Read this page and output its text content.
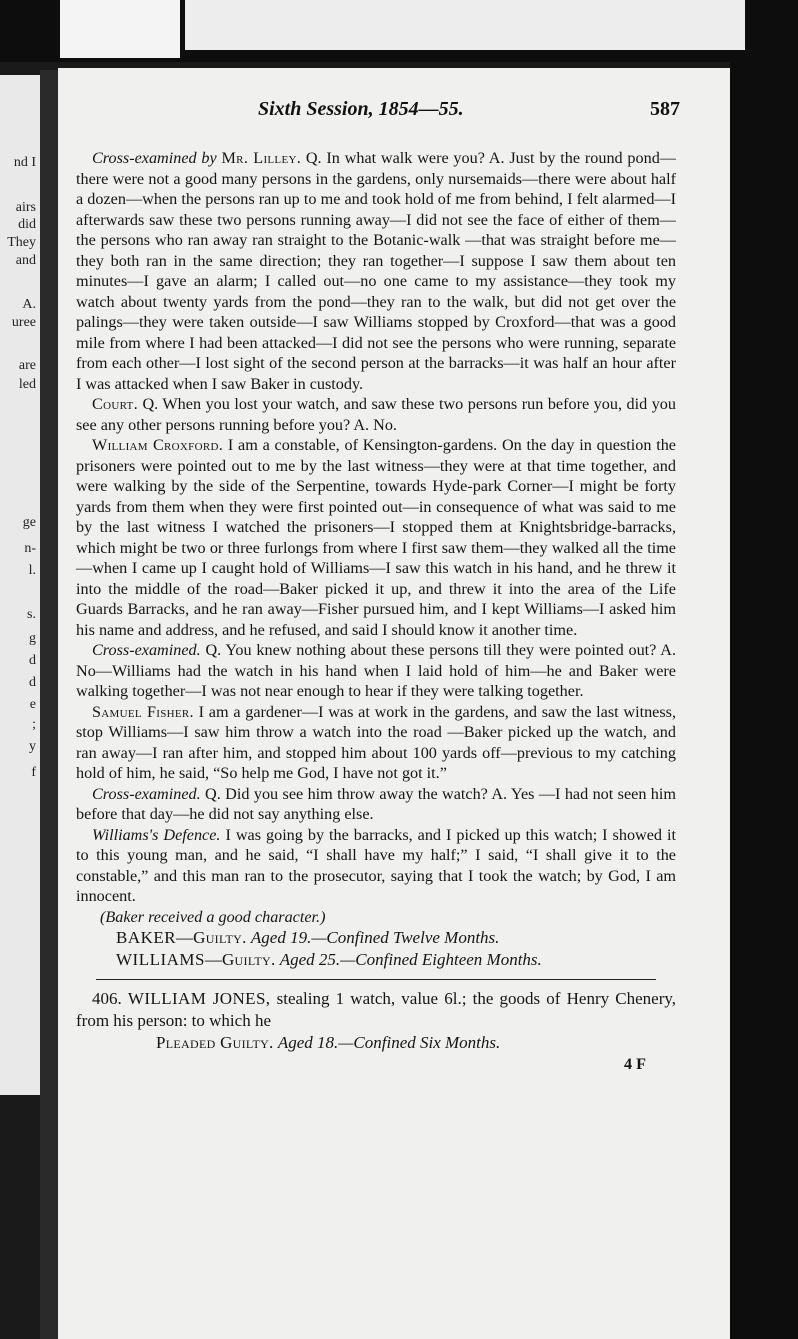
nd I
airs
did
They
and
A.
uree
are
led
ge
n-
l.
s.
g
d
d
e
;
y
f
Sixth Session, 1854—55.	587

Cross-examined by Mr. Lilley. Q. In what walk were you? A. Just by the round pond—there were not a good many persons in the gardens, only nursemaids—there were about half a dozen—when the persons ran up to me and took hold of me from behind, I felt alarmed—I afterwards saw these two persons running away—I did not see the face of either of them—the persons who ran away ran straight to the Botanic-walk —that was straight before me—they both ran in the same direction; they ran together—I suppose I saw them about ten minutes—I gave an alarm; I called out—no one came to my assistance—they took my watch about twenty yards from the pond—they ran to the walk, but did not get over the palings—they were taken outside—I saw Williams stopped by Croxford—that was a good mile from where I had been attacked—I did not see the persons who were running, separate from each other—I lost sight of the second person at the barracks—it was half an hour after I was attacked when I saw Baker in custody.

Court. Q. When you lost your watch, and saw these two persons run before you, did you see any other persons running before you? A. No.

William Croxford. I am a constable, of Kensington-gardens. On the day in question the prisoners were pointed out to me by the last witness—they were at that time together, and were walking by the side of the Serpentine, towards Hyde-park Corner—I might be forty yards from them when they were first pointed out—in consequence of what was said to me by the last witness I watched the prisoners—I stopped them at Knightsbridge-barracks, which might be two or three furlongs from where I first saw them—they walked all the time—when I came up I caught hold of Williams—I saw this watch in his hand, and he threw it into the middle of the road—Baker picked it up, and threw it into the area of the Life Guards Barracks, and he ran away—Fisher pursued him, and I kept Williams—I asked him his name and address, and he refused, and said I should know it another time.

Cross-examined. Q. You knew nothing about these persons till they were pointed out? A. No—Williams had the watch in his hand when I laid hold of him—he and Baker were walking together—I was not near enough to hear if they were talking together.

Samuel Fisher. I am a gardener—I was at work in the gardens, and saw the last witness, stop Williams—I saw him throw a watch into the road —Baker picked up the watch, and ran away—I ran after him, and stopped him about 100 yards off—previous to my catching hold of him, he said, “So help me God, I have not got it.”

Cross-examined. Q. Did you see him throw away the watch? A. Yes —I had not seen him before that day—he did not say anything else.

Williams's Defence. I was going by the barracks, and I picked up this watch; I showed it to this young man, and he said, “I shall have my half;” I said, “I shall give it to the constable,” and this man ran to the prosecutor, saying that I took the watch; by God, I am innocent.

(Baker received a good character.)

BAKER—Guilty. Aged 19.—Confined Twelve Months.
WILLIAMS—Guilty. Aged 25.—Confined Eighteen Months.

406. WILLIAM JONES, stealing 1 watch, value 6l.; the goods of Henry Chenery, from his person: to which he

Pleaded Guilty. Aged 18.—Confined Six Months.
4 F
